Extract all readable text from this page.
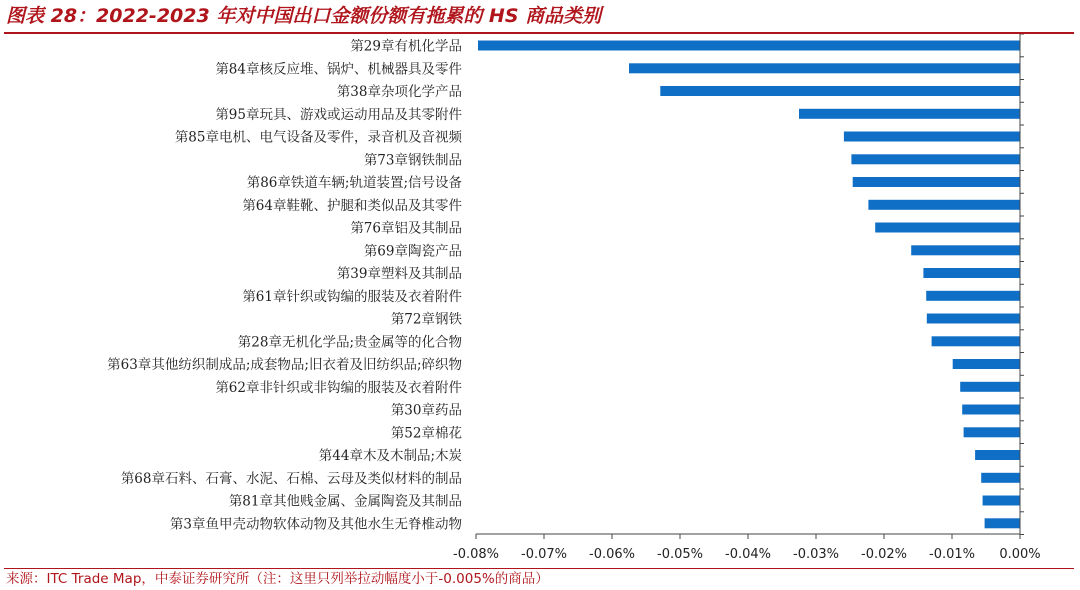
图表 28：2022-2023 年对中国出口金额份额有拖累的 HS 商品类别
第29章有机化学品
第84章核反应堆、锅炉、机械器具及零件
第38章杂项化学产品
第95章玩具、游戏或运动用品及其零附件
第85章电机、电气设备及零件，录音机及音视频
第73章钢铁制品
第86章铁道车辆;轨道装置;信号设备
第64章鞋靴、护腿和类似品及其零件
第76章铝及其制品
第69章陶瓷产品
第39章塑料及其制品
第61章针织或钩编的服装及衣着附件
第72章钢铁
第28章无机化学品;贵金属等的化合物
第63章其他纺织制成品;成套物品;旧衣着及旧纺织品;碎织物
第62章非针织或非钩编的服装及衣着附件
第30章药品
第52章棉花
第44章木及木制品;木炭
第68章石料、石膏、水泥、石棉、云母及类似材料的制品
第81章其他贱金属、金属陶瓷及其制品
第3章鱼甲壳动物软体动物及其他水生无脊椎动物
-0.08% -0.07% -0.06% -0.05% -0.04% -0.03% -0.02% -0.01% 0.00%
来源：ITC Trade Map，中泰证券研究所（注：这里只列举拉动幅度小于-0.005%的商品）
